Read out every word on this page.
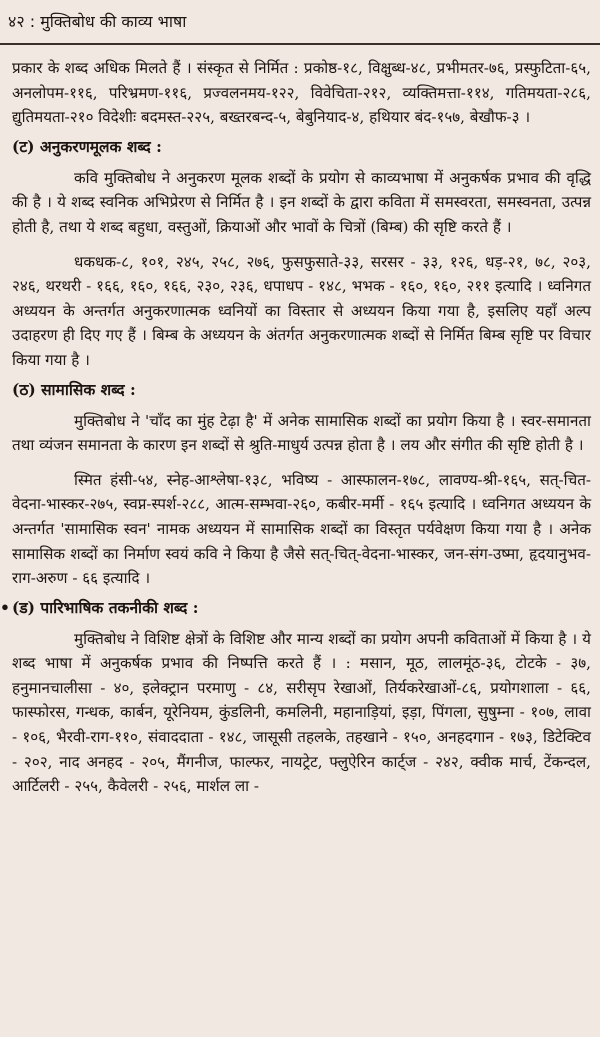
४२ : मुक्तिबोध की काव्य भाषा

प्रकार के शब्द अधिक मिलते हैं । संस्कृत से निर्मित : प्रकोष्ठ-१८, विक्षुब्ध-४८, प्रभीमतर-७६, प्रस्फुटिता-६५, अनलोपम-११६, परिभ्रमण-११६, प्रज्वलनमय-१२२, विवेचिता-२१२, व्यक्तिमत्ता-११४, गतिमयता-२८६, द्युतिमयता-२१० विदेशीः बदमस्त-२२५, बख्तरबन्द-५, बेबुनियाद-४, हथियार बंद-१५७, बेखौफ-३ ।

(ट) अनुकरणमूलक शब्द :

कवि मुक्तिबोध ने अनुकरण मूलक शब्दों के प्रयोग से काव्यभाषा में अनुकर्षक प्रभाव की वृद्धि की है । ये शब्द स्वनिक अभिप्रेरण से निर्मित है । इन शब्दों के द्वारा कविता में समस्वरता, समस्वनता, उत्पन्न होती है, तथा ये शब्द बहुधा, वस्तुओं, क्रियाओं और भावों के चित्रों (बिम्ब) की सृष्टि करते हैं ।

धकधक-८, १०१, २४५, २५८, २७६, फुसफुसाते-३३, सरसर - ३३, १२६, धड़-२१, ७८, २०३, २४६, थरथरी - १६६, १६०, १६६, २३०, २३६, धपाधप - १४८, भभक - १६०, १६०, २११ इत्यादि । ध्वनिगत अध्ययन के अन्तर्गत अनुकरणात्मक ध्वनियों का विस्तार से अध्ययन किया गया है, इसलिए यहाँ अल्प उदाहरण ही दिए गए हैं । बिम्ब के अध्ययन के अंतर्गत अनुकरणात्मक शब्दों से निर्मित बिम्ब सृष्टि पर विचार किया गया है ।

(ठ) सामासिक शब्द :

मुक्तिबोध ने 'चाँद का मुंह टेढ़ा है' में अनेक सामासिक शब्दों का प्रयोग किया है । स्वर-समानता तथा व्यंजन समानता के कारण इन शब्दों से श्रुति-माधुर्य उत्पन्न होता है । लय और संगीत की सृष्टि होती है ।

स्मित हंसी-५४, स्नेह-आश्लेषा-१३८, भविष्य - आस्फालन-१७८, लावण्य-श्री-१६५, सत्-चित-वेदना-भास्कर-२७५, स्वप्न-स्पर्श-२८८, आत्म-सम्भवा-२६०, कबीर-मर्मी - १६५ इत्यादि । ध्वनिगत अध्ययन के अन्तर्गत 'सामासिक स्वन' नामक अध्ययन में सामासिक शब्दों का विस्तृत पर्यवेक्षण किया गया है । अनेक सामासिक शब्दों का निर्माण स्वयं कवि ने किया है जैसे सत्-चित्-वेदना-भास्कर, जन-संग-उष्मा, हृदयानुभव-राग-अरुण - ६६ इत्यादि ।

• (ड) पारिभाषिक तकनीकी शब्द :

मुक्तिबोध ने विशिष्ट क्षेत्रों के विशिष्ट और मान्य शब्दों का प्रयोग अपनी कविताओं में किया है । ये शब्द भाषा में अनुकर्षक प्रभाव की निष्पत्ति करते हैं । : मसान, मूठ, लालमूंठ-३६, टोटके - ३७, हनुमानचालीसा - ४०, इलेक्ट्रान परमाणु - ८४, सरीसृप रेखाओं, तिर्यकरेखाओं-८६, प्रयोगशाला - ६६, फास्फोरस, गन्धक, कार्बन, यूरेनियम, कुंडलिनी, कमलिनी, महानाड़ियां, इड़ा, पिंगला, सुषुम्ना - १०७, लावा - १०६, भैरवी-राग-११०, संवाददाता - १४८, जासूसी तहलके, तहखाने - १५०, अनहदगान - १७३, डिटेक्टिव - २०२, नाद अनहद - २०५, मैंगनीज, फाल्फर, नायट्रेट, फ्लुऐरिन कार्ट्ज - २४२, क्वीक मार्च, टेंकन्दल, आर्टिलरी - २५५, कैवेलरी - २५६, मार्शल ला -
